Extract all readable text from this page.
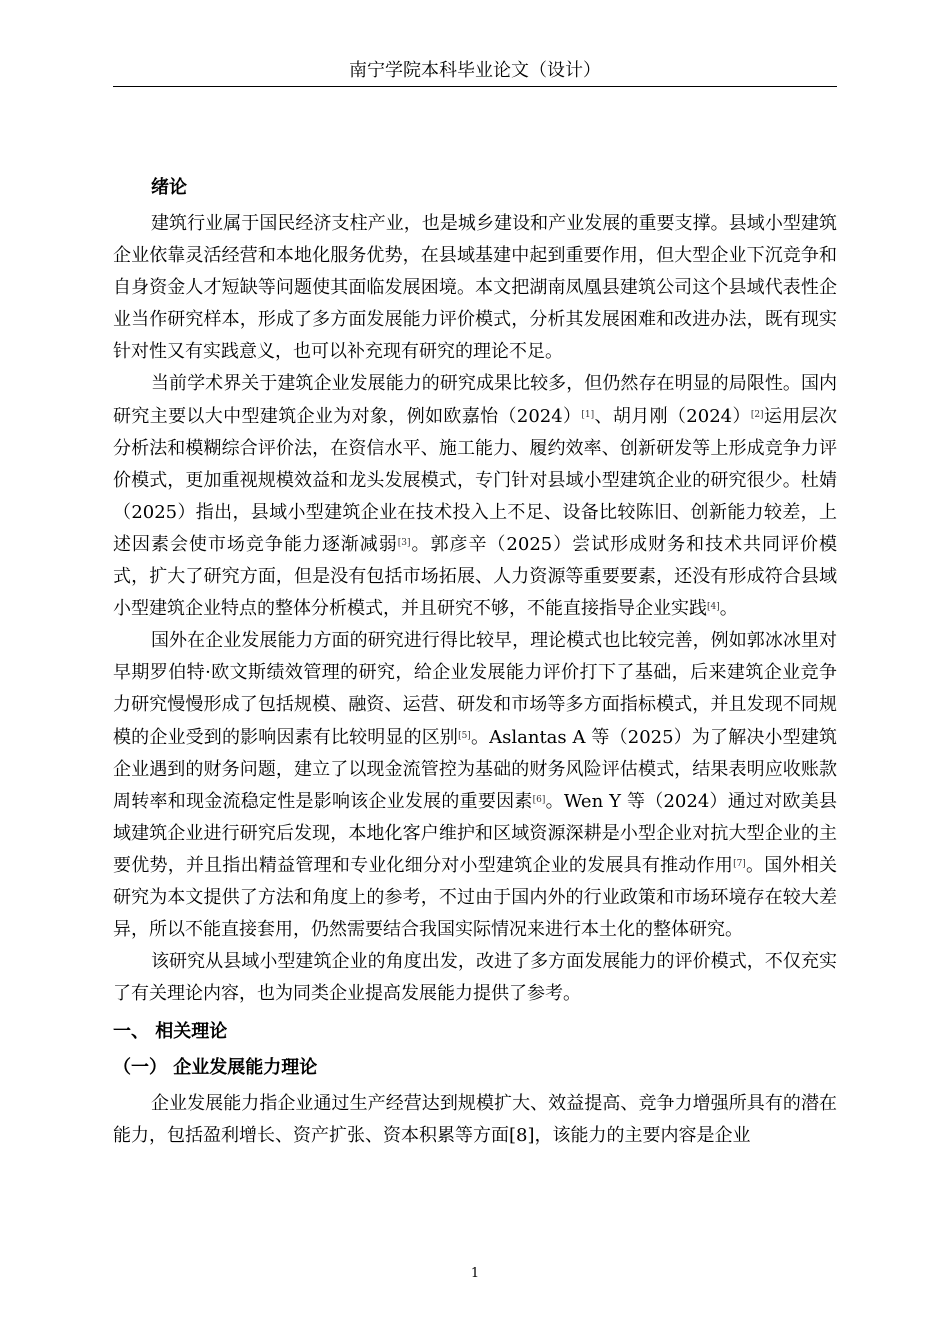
南宁学院本科毕业论文（设计）
绪论

建筑行业属于国民经济支柱产业，也是城乡建设和产业发展的重要支撑。县域小型建筑企业依靠灵活经营和本地化服务优势，在县域基建中起到重要作用，但大型企业下沉竞争和自身资金人才短缺等问题使其面临发展困境。本文把湖南凤凰县建筑公司这个县域代表性企业当作研究样本，形成了多方面发展能力评价模式，分析其发展困难和改进办法，既有现实针对性又有实践意义，也可以补充现有研究的理论不足。

当前学术界关于建筑企业发展能力的研究成果比较多，但仍然存在明显的局限性。国内研究主要以大中型建筑企业为对象，例如欧嘉怡（2024）[1]、胡月刚（2024）[2]运用层次分析法和模糊综合评价法，在资信水平、施工能力、履约效率、创新研发等上形成竞争力评价模式，更加重视规模效益和龙头发展模式，专门针对县域小型建筑企业的研究很少。杜婧（2025）指出，县域小型建筑企业在技术投入上不足、设备比较陈旧、创新能力较差，上述因素会使市场竞争能力逐渐减弱[3]。郭彦辛（2025）尝试形成财务和技术共同评价模式，扩大了研究方面，但是没有包括市场拓展、人力资源等重要要素，还没有形成符合县域小型建筑企业特点的整体分析模式，并且研究不够，不能直接指导企业实践[4]。

国外在企业发展能力方面的研究进行得比较早，理论模式也比较完善，例如郭冰冰里对早期罗伯特·欧文斯绩效管理的研究，给企业发展能力评价打下了基础，后来建筑企业竞争力研究慢慢形成了包括规模、融资、运营、研发和市场等多方面指标模式，并且发现不同规模的企业受到的影响因素有比较明显的区别[5]。Aslantas A 等（2025）为了解决小型建筑企业遇到的财务问题，建立了以现金流管控为基础的财务风险评估模式，结果表明应收账款周转率和现金流稳定性是影响该企业发展的重要因素[6]。Wen Y 等（2024）通过对欧美县域建筑企业进行研究后发现，本地化客户维护和区域资源深耕是小型企业对抗大型企业的主要优势，并且指出精益管理和专业化细分对小型建筑企业的发展具有推动作用[7]。国外相关研究为本文提供了方法和角度上的参考，不过由于国内外的行业政策和市场环境存在较大差异，所以不能直接套用，仍然需要结合我国实际情况来进行本土化的整体研究。

该研究从县域小型建筑企业的角度出发，改进了多方面发展能力的评价模式，不仅充实了有关理论内容，也为同类企业提高发展能力提供了参考。

一、 相关理论
（一） 企业发展能力理论

企业发展能力指企业通过生产经营达到规模扩大、效益提高、竞争力增强所具有的潜在能力，包括盈利增长、资产扩张、资本积累等方面[8]，该能力的主要内容是企业

1
